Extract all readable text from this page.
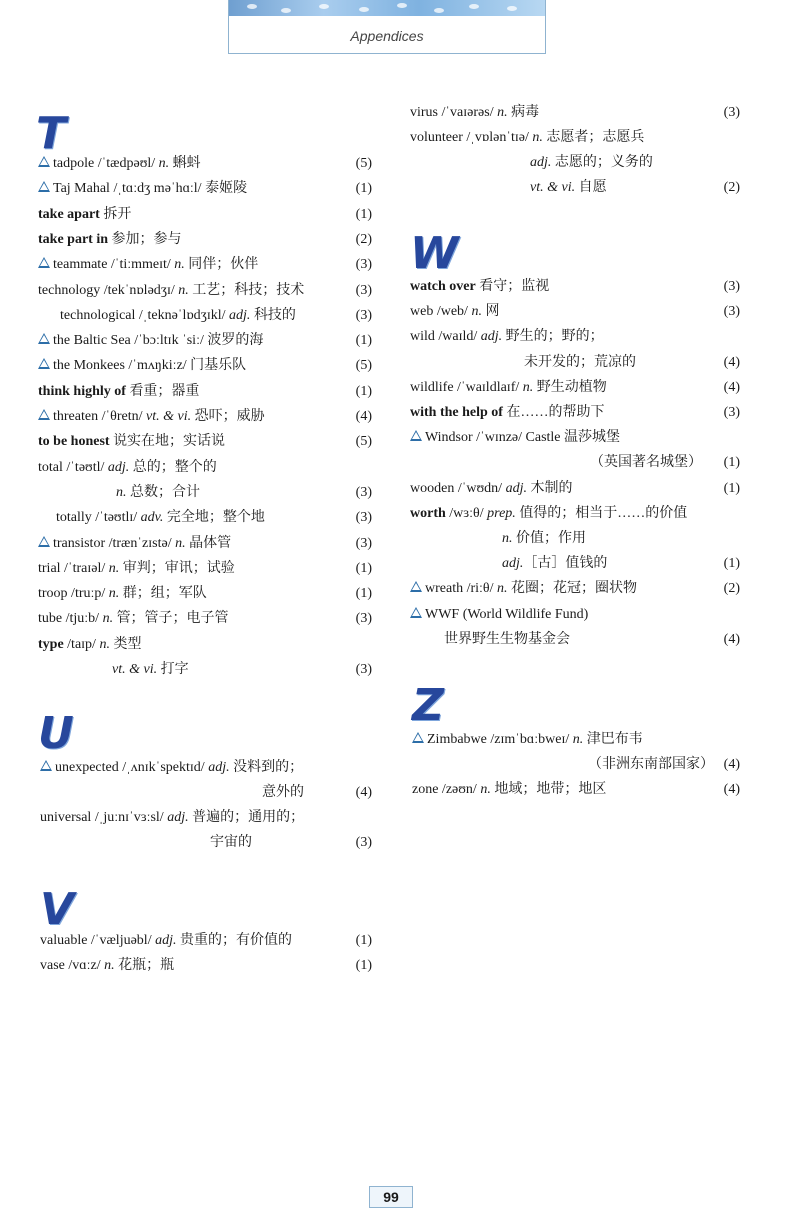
Appendices
T
tadpole /ˈtædpəʊl/ n. 蝌蚪	(5)
Taj Mahal /ˌtɑːdʒ məˈhɑːl/ 泰姬陵	(1)
take apart 拆开	(1)
take part in 参加；参与	(2)
teammate /ˈtiːmmeɪt/ n. 同伴；伙伴	(3)
technology /tekˈnɒlədʒɪ/ n. 工艺；科技；技术	(3)
technological /ˌteknəˈlɒdʒɪkl/ adj. 科技的	(3)
the Baltic Sea /ˈbɔːltɪk ˈsiː/ 波罗的海	(1)
the Monkees /ˈmʌŋkiːz/ 门基乐队	(5)
think highly of 看重；器重	(1)
threaten /ˈθretn/ vt. & vi. 恐吓；威胁	(4)
to be honest 说实在地；实话说	(5)
total /ˈtəʊtl/ adj. 总的；整个的
n. 总数；合计	(3)
totally /ˈtəʊtlɪ/ adv. 完全地；整个地	(3)
transistor /trænˈzɪstə/ n. 晶体管	(3)
trial /ˈtraɪəl/ n. 审判；审讯；试验	(1)
troop /truːp/ n. 群；组；军队	(1)
tube /tjuːb/ n. 管；管子；电子管	(3)
type /taɪp/ n. 类型
vt. & vi. 打字	(3)
U
unexpected /ˌʌnɪkˈspektɪd/ adj. 没料到的；
意外的	(4)
universal /ˌjuːnɪˈvɜːsl/ adj. 普遍的；通用的；
宇宙的	(3)
V
valuable /ˈvæljuəbl/ adj. 贵重的；有价值的	(1)
vase /vɑːz/ n. 花瓶；瓶	(1)
virus /ˈvaɪərəs/ n. 病毒	(3)
volunteer /ˌvɒlənˈtɪə/ n. 志愿者；志愿兵
adj. 志愿的；义务的
vt. & vi. 自愿	(2)
W
watch over 看守；监视	(3)
web /web/ n. 网	(3)
wild /waɪld/ adj. 野生的；野的；
未开发的；荒凉的	(4)
wildlife /ˈwaɪldlaɪf/ n. 野生动植物	(4)
with the help of 在……的帮助下	(3)
Windsor /ˈwɪnzə/ Castle 温莎城堡
（英国著名城堡）	(1)
wooden /ˈwʊdn/ adj. 木制的	(1)
worth /wɜːθ/ prep. 值得的；相当于……的价值
n. 价值；作用
adj.［古］值钱的	(1)
wreath /riːθ/ n. 花圈；花冠；圈状物	(2)
WWF (World Wildlife Fund)
世界野生生物基金会	(4)
Z
Zimbabwe /zɪmˈbɑːbweɪ/ n. 津巴布韦
（非洲东南部国家） (4)
zone /zəʊn/ n. 地域；地带；地区	(4)
99
